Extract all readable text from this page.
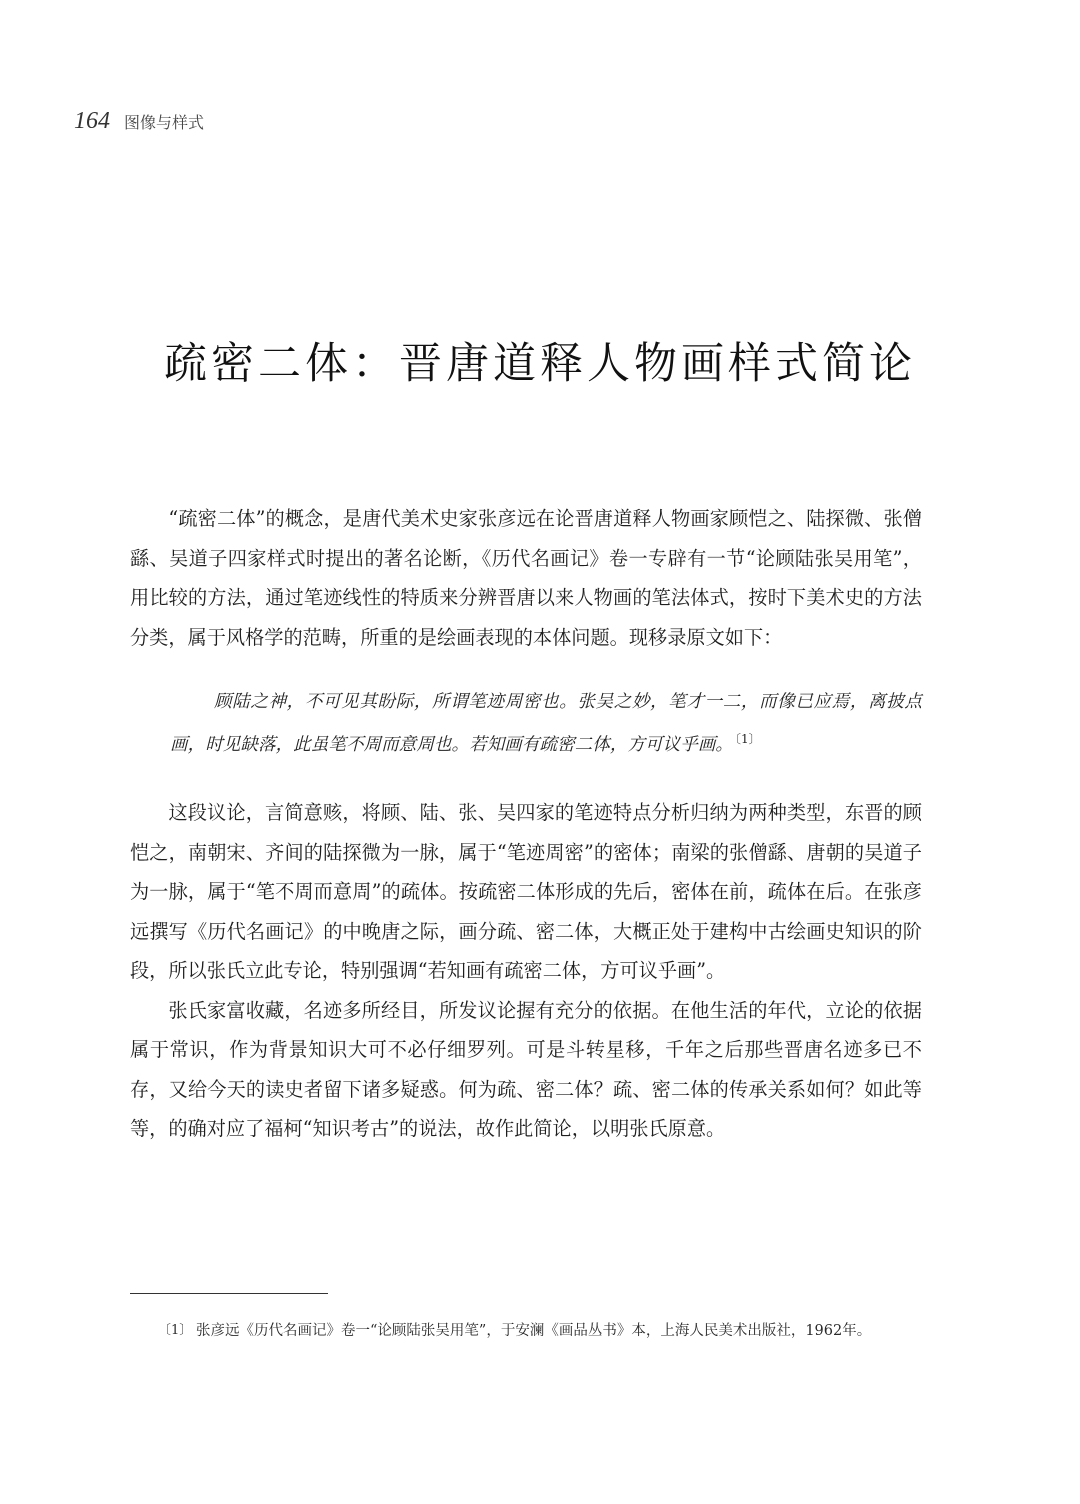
164 图像与样式
疏密二体：晋唐道释人物画样式简论

“疏密二体”的概念，是唐代美术史家张彦远在论晋唐道释人物画家顾恺之、陆探微、张僧繇、吴道子四家样式时提出的著名论断，《历代名画记》卷一专辟有一节“论顾陆张吴用笔”，用比较的方法，通过笔迹线性的特质来分辨晋唐以来人物画的笔法体式，按时下美术史的方法分类，属于风格学的范畴，所重的是绘画表现的本体问题。现移录原文如下：

顾陆之神，不可见其盼际，所谓笔迹周密也。张吴之妙，笔才一二，而像已应焉，离披点画，时见缺落，此虽笔不周而意周也。若知画有疏密二体，方可议乎画。 $^{〔1〕}$

这段议论，言简意赅，将顾、陆、张、吴四家的笔迹特点分析归纳为两种类型，东晋的顾恺之，南朝宋、齐间的陆探微为一脉，属于“笔迹周密”的密体；南梁的张僧繇、唐朝的吴道子为一脉，属于“笔不周而意周”的疏体。按疏密二体形成的先后，密体在前，疏体在后。在张彦远撰写《历代名画记》的中晚唐之际，画分疏、密二体，大概正处于建构中古绘画史知识的阶段，所以张氏立此专论，特别强调“若知画有疏密二体，方可议乎画”。

张氏家富收藏，名迹多所经目，所发议论握有充分的依据。在他生活的年代，立论的依据属于常识，作为背景知识大可不必仔细罗列。可是斗转星移，千年之后那些晋唐名迹多已不存，又给今天的读史者留下诸多疑惑。何为疏、密二体？疏、密二体的传承关系如何？如此等等，的确对应了福柯“知识考古”的说法，故作此简论，以明张氏原意。

〔1〕 张彦远《历代名画记》卷一“论顾陆张吴用笔”，于安澜《画品丛书》本，上海人民美术出版社，1962年。
